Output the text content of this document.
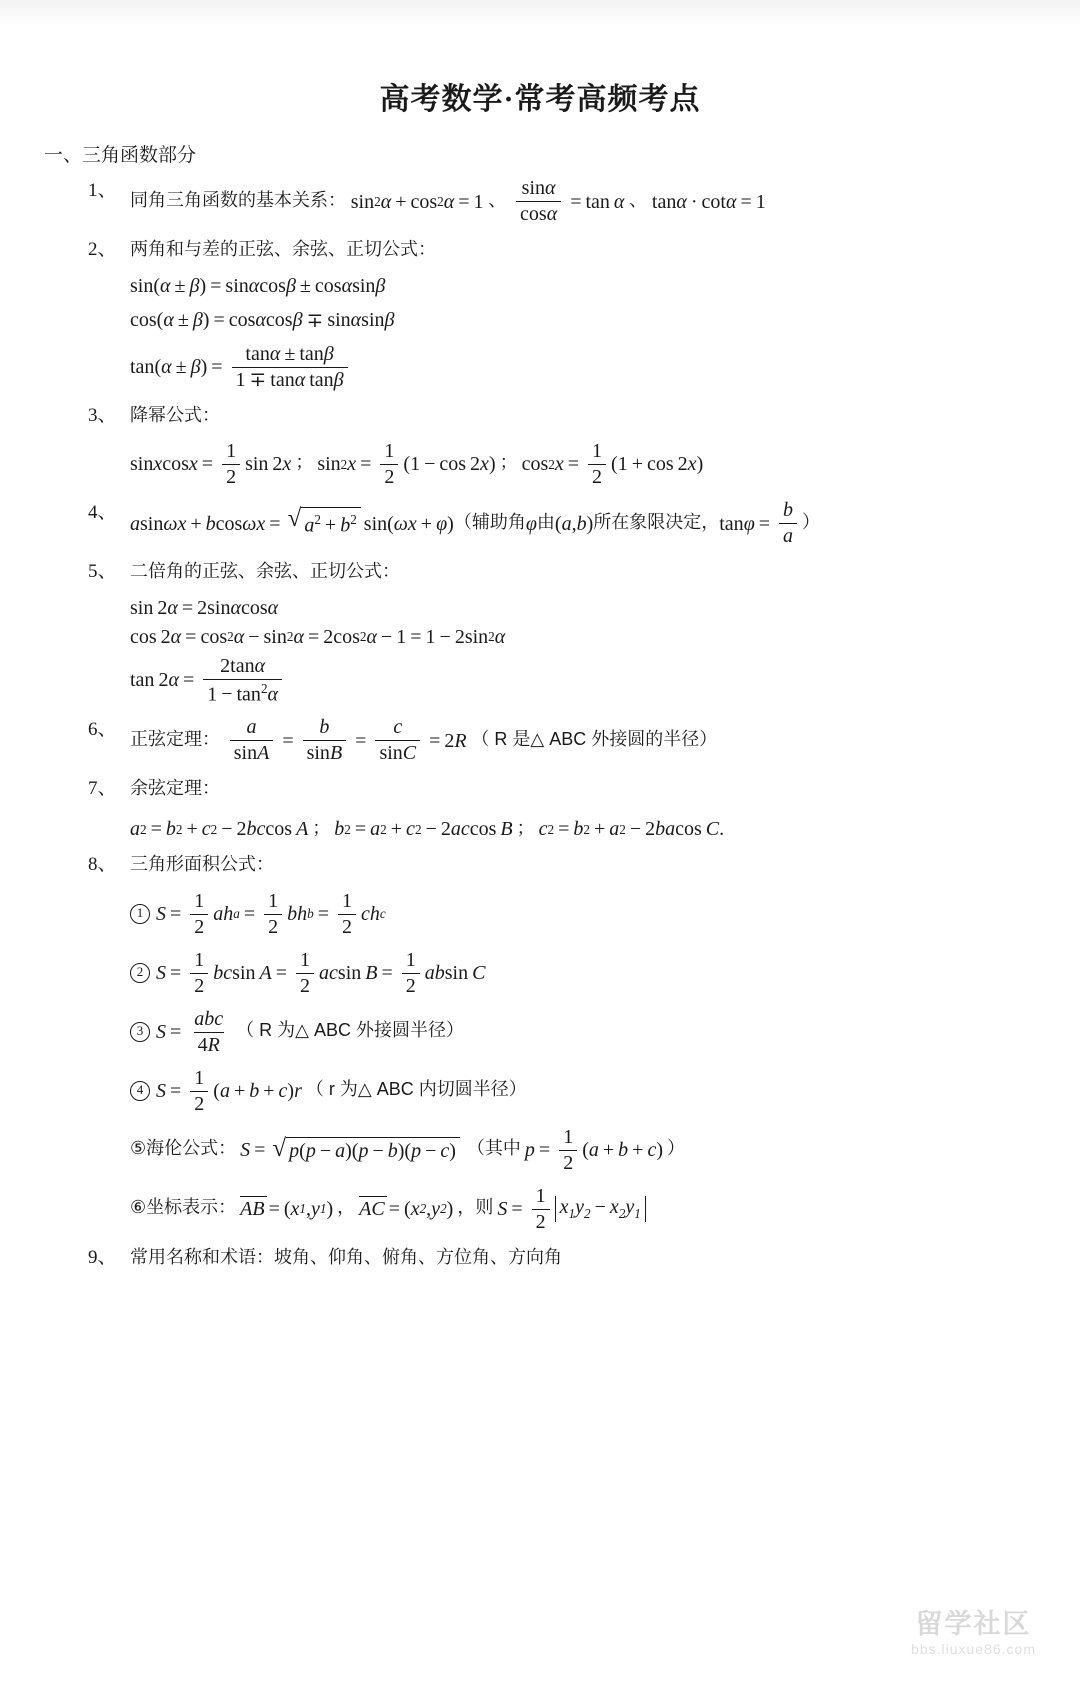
高考数学·常考高频考点
一、三角函数部分
1、 同角三角函数的基本关系： sin 2 α + cos 2 α = 1 、 $\frac{\sin\alpha}{\cos\alpha} = \tan \alpha$ 、 tan α · cot α = 1
2、 两角和与差的正弦、余弦、正切公式：
sin ( α ± β ) = sin α cos β ± cos α sin β
cos ( α ± β ) = cos α cos β ∓ sin α sin β
tan ( α ± β ) = $\frac{\tan\alpha \pm \tan\beta}{\text{1 ∓ tanα tanβ}}$
3、 降幂公式：
sin x $\cos x = \frac{1}{2}$ sin 2 x ； sin 2 $x = \frac{1}{2}$ ( 1 − cos 2 x ) ； cos 2 $x = \frac{1}{2}$ ( 1 + cos 2 x )
4、 a sin ωx + b cos ωx = √ $a^2 + b^2$ sin ( ωx + φ ) （辅助角 φ 由 ( a , b ) 所在象限决定， $\tan \varphi = \frac{b}{a}$ ）
5、 二倍角的正弦、余弦、正切公式：
sin 2 α = 2 sin α cos α
cos 2 α = cos 2 α − sin 2 α = 2 cos 2 α − 1 = 1 − 2 sin 2 α
tan 2 $\alpha = \frac{2\tan\alpha}{1 - \tan^2\alpha}$
6、 正弦定理： $\frac{a}{\sin A} = \frac{b}{\sin B} = \frac{c}{\sin C} = 2$ R （ R 是△ ABC 外接圆的半径）
7、 余弦定理：
a 2 = b 2 + c 2 − 2 bc cos A ； b 2 = a 2 + c 2 − 2 ac cos B ； c 2 = b 2 + a 2 − 2 ba cos C .
8、 三角形面积公式：
1 $S = \frac{1}{2}$ ah $a = \frac{1}{2}$ bh $b = \frac{1}{2}$ ch c
2 $S = \frac{1}{2}$ bc $\sin A = \frac{1}{2}$ ac $\sin B = \frac{1}{2}$ ab sin C
3 $S = \frac{\text{abc}}{4R}$ （ R 为△ ABC 外接圆半径）
4 $S = \frac{1}{2}$ ( a + b + c ) r （ r 为△ ABC 内切圆半径）
⑤海伦公式： S = √ p(p − a)(p − b)(p − c) （其中 $p = \frac{1}{2}$ ( a + b + c ) ）
⑥坐标表示： AB = ( x 1 , y 1 ) ， AC = ( x 2 , y 2 ) ，则 $S = \frac{1}{2} x_1y_2 - x_2y_1$
9、 常用名称和术语：坡角、仰角、俯角、方位角、方向角
留学社区
bbs.liuxue86.com
